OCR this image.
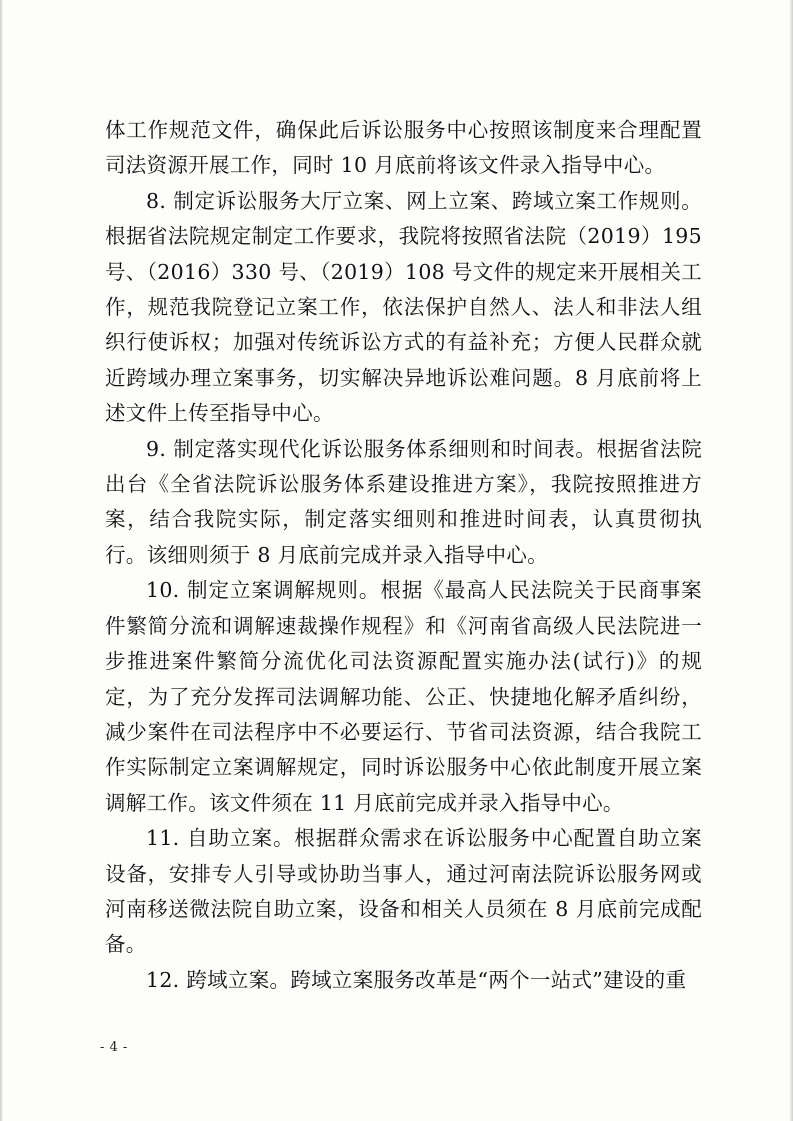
体工作规范文件，确保此后诉讼服务中心按照该制度来合理配置司法资源开展工作，同时 10 月底前将该文件录入指导中心。

8. 制定诉讼服务大厅立案、网上立案、跨域立案工作规则。根据省法院规定制定工作要求，我院将按照省法院（2019）195 号、（2016）330 号、（2019）108 号文件的规定来开展相关工作，规范我院登记立案工作，依法保护自然人、法人和非法人组织行使诉权；加强对传统诉讼方式的有益补充；方便人民群众就近跨域办理立案事务，切实解决异地诉讼难问题。8 月底前将上述文件上传至指导中心。

9. 制定落实现代化诉讼服务体系细则和时间表。根据省法院出台《全省法院诉讼服务体系建设推进方案》，我院按照推进方案，结合我院实际，制定落实细则和推进时间表，认真贯彻执行。该细则须于 8 月底前完成并录入指导中心。

10. 制定立案调解规则。根据《最高人民法院关于民商事案件繁简分流和调解速裁操作规程》和《河南省高级人民法院进一步推进案件繁简分流优化司法资源配置实施办法(试行)》的规定，为了充分发挥司法调解功能、公正、快捷地化解矛盾纠纷，减少案件在司法程序中不必要运行、节省司法资源，结合我院工作实际制定立案调解规定，同时诉讼服务中心依此制度开展立案调解工作。该文件须在 11 月底前完成并录入指导中心。

11. 自助立案。根据群众需求在诉讼服务中心配置自助立案设备，安排专人引导或协助当事人，通过河南法院诉讼服务网或河南移送微法院自助立案，设备和相关人员须在 8 月底前完成配备。

12. 跨域立案。跨域立案服务改革是“两个一站式”建设的重

- 4 -
